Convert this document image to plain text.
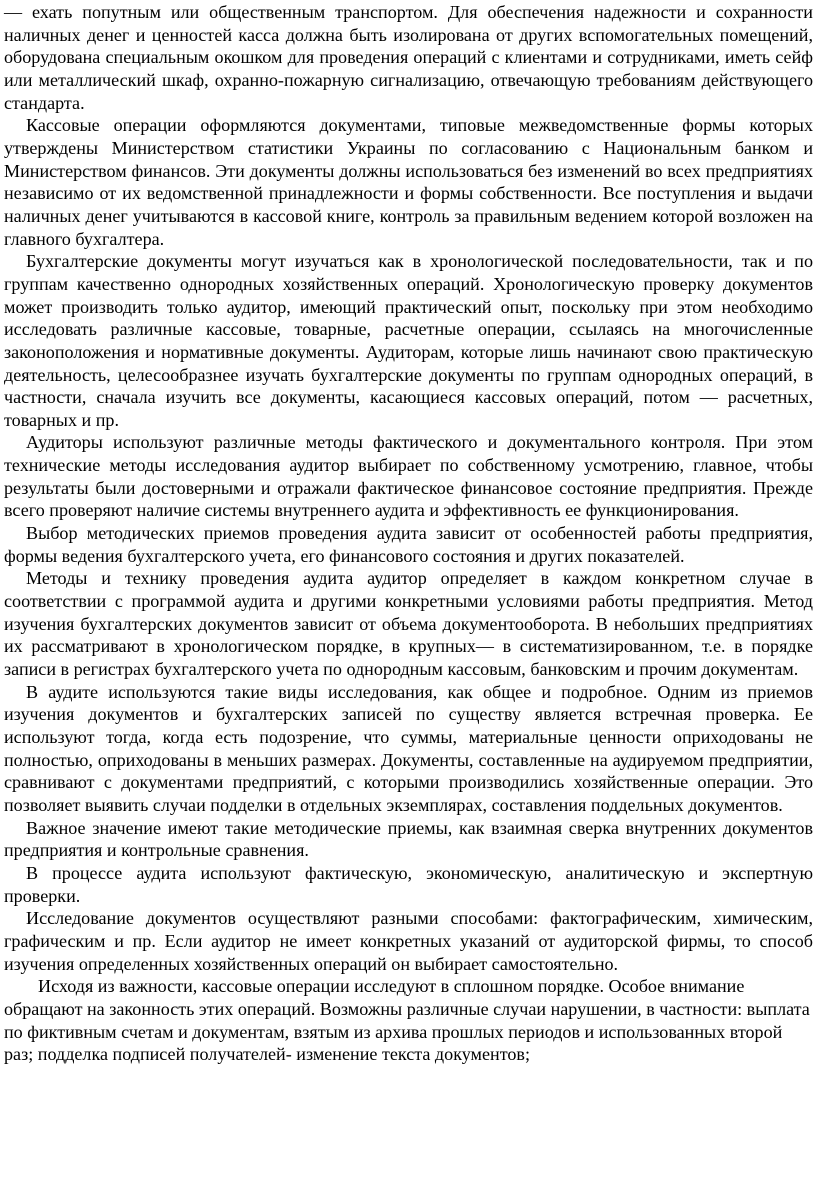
— ехать попутным или общественным транспортом. Для обеспечения надежности и сохранности наличных денег и ценностей касса должна быть изолирована от других вспомогательных помещений, оборудована специальным окошком для проведения операций с клиентами и сотрудниками, иметь сейф или металлический шкаф, охранно-пожарную сигнализацию, отвечающую требованиям действующего стандарта.

Кассовые операции оформляются документами, типовые межведомственные формы которых утверждены Министерством статистики Украины по согласованию с Национальным банком и Министерством финансов. Эти документы должны использоваться без изменений во всех предприятиях независимо от их ведомственной принадлежности и формы собственности. Все поступления и выдачи наличных денег учитываются в кассовой книге, контроль за правильным ведением которой возложен на главного бухгалтера.

Бухгалтерские документы могут изучаться как в хронологической последовательности, так и по группам качественно однородных хозяйственных операций. Хронологическую проверку документов может производить только аудитор, имеющий практический опыт, поскольку при этом необходимо исследовать различные кассовые, товарные, расчетные операции, ссылаясь на многочисленные законоположения и нормативные документы. Аудиторам, которые лишь начинают свою практическую деятельность, целесообразнее изучать бухгалтерские документы по группам однородных операций, в частности, сначала изучить все документы, касающиеся кассовых операций, потом — расчетных, товарных и пр.

Аудиторы используют различные методы фактического и документального контроля. При этом технические методы исследования аудитор выбирает по собственному усмотрению, главное, чтобы результаты были достоверными и отражали фактическое финансовое состояние предприятия. Прежде всего проверяют наличие системы внутреннего аудита и эффективность ее функционирования.

Выбор методических приемов проведения аудита зависит от особенностей работы предприятия, формы ведения бухгалтерского учета, его финансового состояния и других показателей.

Методы и технику проведения аудита аудитор определяет в каждом конкретном случае в соответствии с программой аудита и другими конкретными условиями работы предприятия. Метод изучения бухгалтерских документов зависит от объема документооборота. В небольших предприятиях их рассматривают в хронологическом порядке, в крупных— в систематизированном, т.е. в порядке записи в регистрах бухгалтерского учета по однородным кассовым, банковским и прочим документам.

В аудите используются такие виды исследования, как общее и подробное. Одним из приемов изучения документов и бухгалтерских записей по существу является встречная проверка. Ее используют тогда, когда есть подозрение, что суммы, материальные ценности оприходованы не полностью, оприходованы в меньших размерах. Документы, составленные на аудируемом предприятии, сравнивают с документами предприятий, с которыми производились хозяйственные операции. Это позволяет выявить случаи подделки в отдельных экземплярах, составления поддельных документов.

Важное значение имеют такие методические приемы, как взаимная сверка внутренних документов предприятия и контрольные сравнения.

В процессе аудита используют фактическую, экономическую, аналитическую и экспертную проверки.

Исследование документов осуществляют разными способами: фактографическим, химическим, графическим и пр. Если аудитор не имеет конкретных указаний от аудиторской фирмы, то способ изучения определенных хозяйственных операций он выбирает самостоятельно.

Исходя из важности, кассовые операции исследуют в сплошном порядке. Особое внимание обращают на законность этих операций. Возможны различные случаи нарушении, в частности: выплата по фиктивным счетам и документам, взятым из архива прошлых периодов и использованных второй раз; подделка подписей получателей- изменение текста документов;
